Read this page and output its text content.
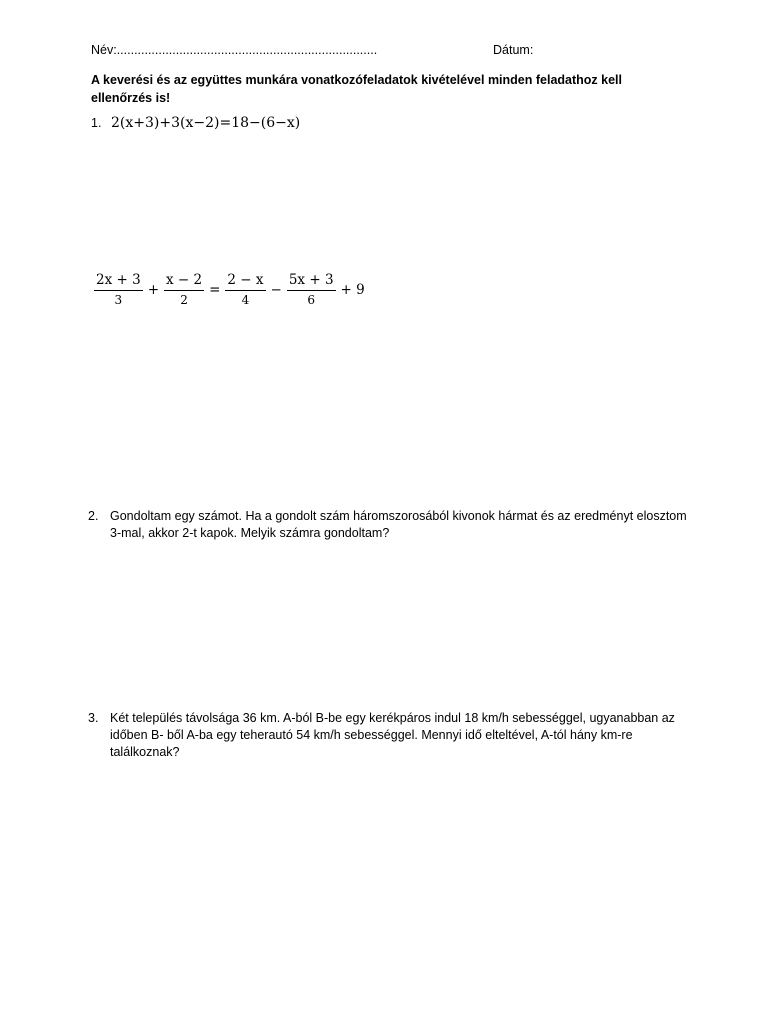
Név:...........................................................................	Dátum:
A keverési és az együttes munkára vonatkozófeladatok kivételével minden feladathoz kell ellenőrzés is!
1. 2(x+3)+3(x−2)=18−(6−x)
$\frac{2x + 3}{3} + \frac{x - 2}{2} = \frac{2 - x}{4} - \frac{5x + 3}{6} + 9$
2. Gondoltam egy számot. Ha a gondolt szám háromszorosából kivonok hármat és az eredményt elosztom 3-mal, akkor 2-t kapok. Melyik számra gondoltam?
3. Két település távolsága 36 km. A-ból B-be egy kerékpáros indul 18 km/h sebességgel, ugyanabban az időben B- ből A-ba egy teherautó 54 km/h sebességgel. Mennyi idő elteltével, A-tól hány km-re találkoznak?
